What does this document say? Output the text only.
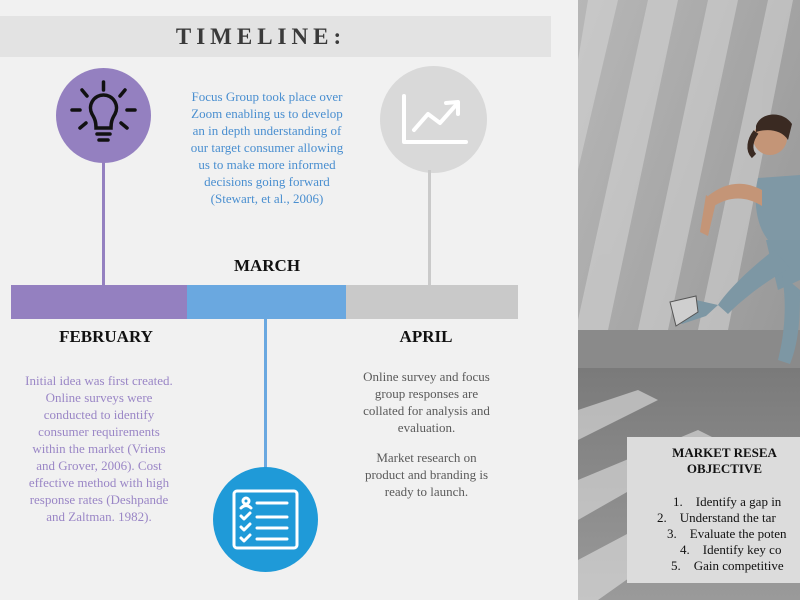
TIMELINE:
MARCH
FEBRUARY	APRIL
Focus Group took place over
Zoom enabling us to develop
an in depth understanding of
our target consumer allowing
us to make more informed
decisions going forward
(Stewart, et al., 2006)
Initial idea was first created.
Online surveys were
conducted to identify
consumer requirements
within the market (Vriens
and Grover, 2006). Cost
effective method with high
response rates (Deshpande
and Zaltman. 1982).
Online survey and focus
group responses are
collated for analysis and
evaluation.
Market research on
product and branding is
ready to launch.
MARKET RESEA
OBJECTIVE
1. Identify a gap in
2. Understand the tar
3. Evaluate the poten
4. Identify key co
5. Gain competitive
